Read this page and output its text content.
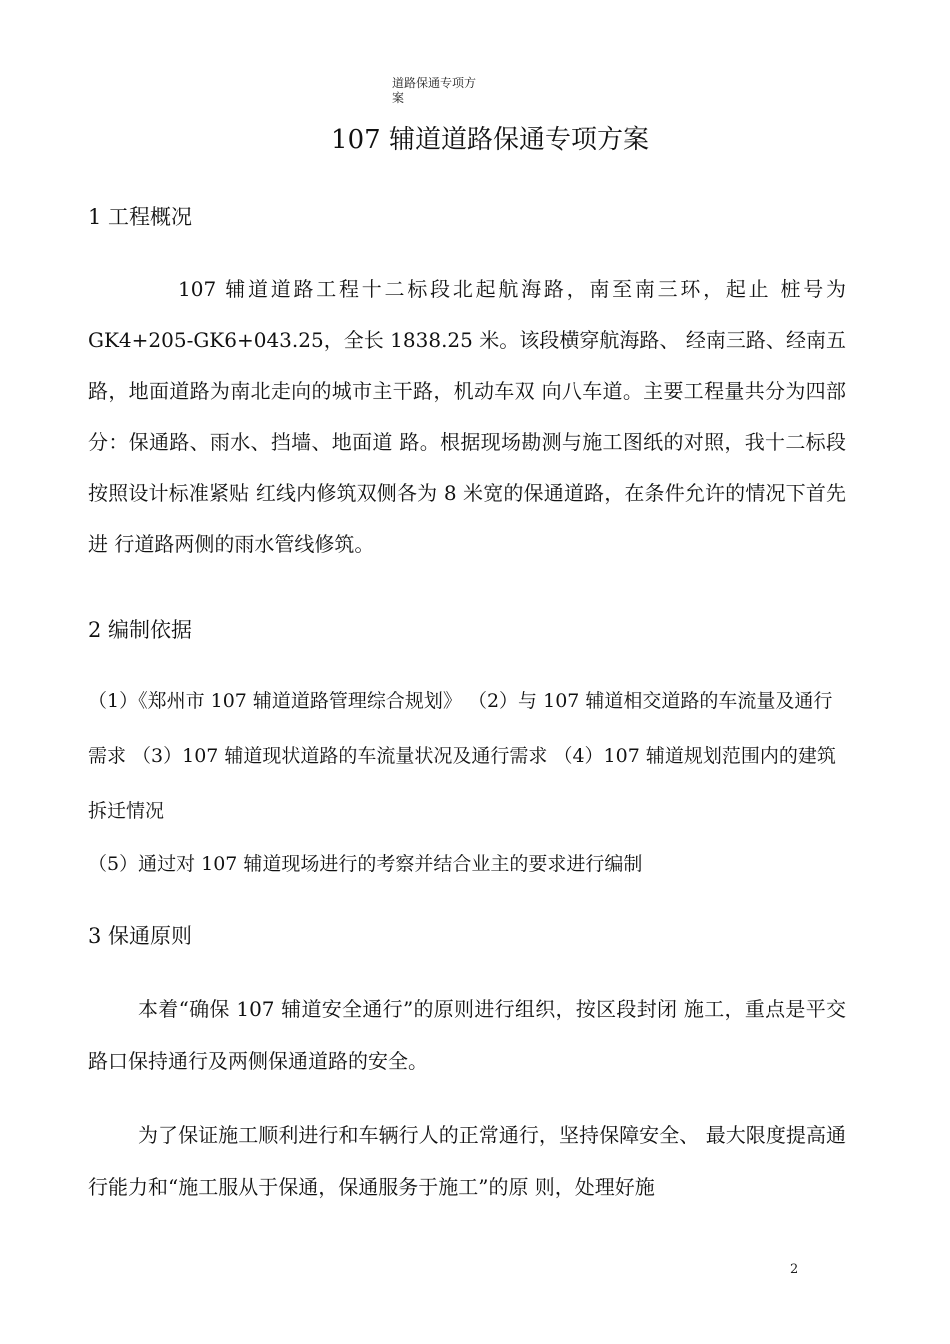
道路保通专项方
案
107 辅道道路保通专项方案
1 工程概况
107 辅道道路工程十二标段北起航海路，南至南三环，起止 桩号为GK4+205-GK6+043.25，全长 1838.25 米。该段横穿航海路、 经南三路、经南五路，地面道路为南北走向的城市主干路，机动车双 向八车道。主要工程量共分为四部分：保通路、雨水、挡墙、地面道 路。根据现场勘测与施工图纸的对照，我十二标段按照设计标准紧贴 红线内修筑双侧各为 8 米宽的保通道路，在条件允许的情况下首先进 行道路两侧的雨水管线修筑。
2 编制依据
（1）《郑州市 107 辅道道路管理综合规划》 （2）与 107 辅道相交道路的车流量及通行需求 （3）107 辅道现状道路的车流量状况及通行需求 （4）107 辅道规划范围内的建筑拆迁情况
（5）通过对 107 辅道现场进行的考察并结合业主的要求进行编制
3 保通原则
本着“确保 107 辅道安全通行”的原则进行组织，按区段封闭 施工，重点是平交路口保持通行及两侧保通道路的安全。
为了保证施工顺利进行和车辆行人的正常通行，坚持保障安全、 最大限度提高通行能力和“施工服从于保通，保通服务于施工”的原 则，处理好施
2
